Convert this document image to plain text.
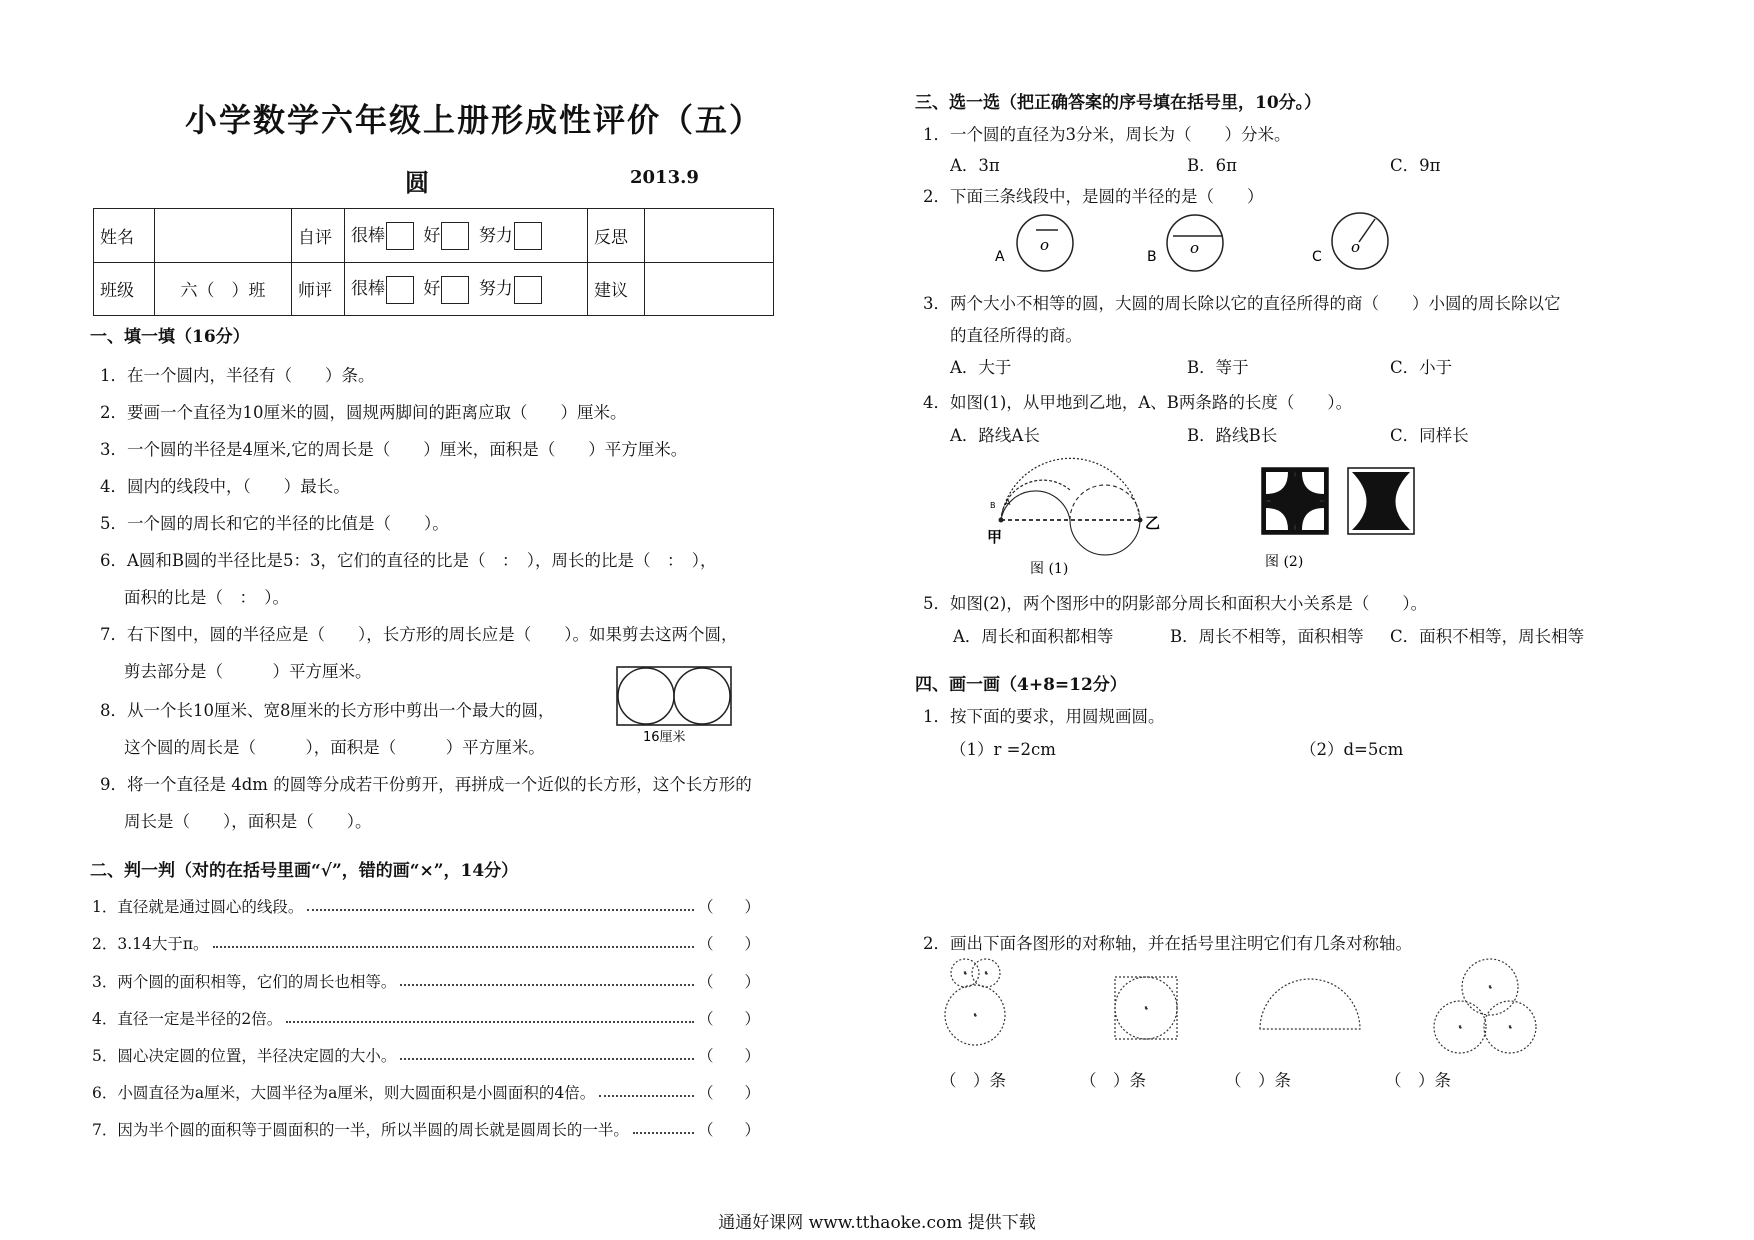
小学数学六年级上册形成性评价（五）
圆	2013.9
姓名		自评	很棒 好 努力	反思	
班级	六（　）班	师评	很棒 好 努力	建议	
一、填一填（16分）
1．在一个圆内，半径有（　　）条。
2．要画一个直径为10厘米的圆，圆规两脚间的距离应取（　　）厘米。
3．一个圆的半径是4厘米,它的周长是（　　）厘米，面积是（　　）平方厘米。
4．圆内的线段中，（　　）最长。
5．一个圆的周长和它的半径的比值是（　　）。
6．A圆和B圆的半径比是5：3，它们的直径的比是（　：　），周长的比是（　：　），
面积的比是（　：　）。
7．右下图中，圆的半径应是（　　），长方形的周长应是（　　）。如果剪去这两个圆，
剪去部分是（　　　）平方厘米。
8．从一个长10厘米、宽8厘米的长方形中剪出一个最大的圆，
这个圆的周长是（　　　），面积是（　　　）平方厘米。
9．将一个直径是 4dm 的圆等分成若干份剪开，再拼成一个近似的长方形，这个长方形的
周长是（　　），面积是（　　）。
16厘米
二、判一判（对的在括号里画“√”，错的画“×”，14分）
1．直径就是通过圆心的线段。	（　　）
2．3.14大于π。	（　　）
3．两个圆的面积相等，它们的周长也相等。	（　　）
4．直径一定是半径的2倍。	（　　）
5．圆心决定圆的位置，半径决定圆的大小。	（　　）
6．小圆直径为a厘米，大圆半径为a厘米，则大圆面积是小圆面积的4倍。	（　　）
7．因为半个圆的面积等于圆面积的一半，所以半圆的周长就是圆周长的一半。	（　　）
三、选一选（把正确答案的序号填在括号里，10分。）
1．一个圆的直径为3分米，周长为（　　）分米。
A．3π	B．6π	C．9π
2．下面三条线段中，是圆的半径的是（　　）
A
o
B o	C
o
3．两个大小不相等的圆，大圆的周长除以它的直径所得的商（　　）小圆的周长除以它
的直径所得的商。
A．大于	B．等于	C．小于
4．如图(1)，从甲地到乙地，A、B两条路的长度（　　）。
A．路线A长	B．路线B长	C．同样长
B A
甲
乙
图 (1)	图 (2)
5．如图(2)，两个图形中的阴影部分周长和面积大小关系是（　　）。
A．周长和面积都相等	B．周长不相等，面积相等 C．面积不相等，周长相等
四、画一画（4+8=12分）
1．按下面的要求，用圆规画圆。
（1）r =2cm	（2）d=5cm
2．画出下面各图形的对称轴，并在括号里注明它们有几条对称轴。
（　）条	（　）条	（　）条	（　）条
通通好课网 www.tthaoke.com 提供下载
